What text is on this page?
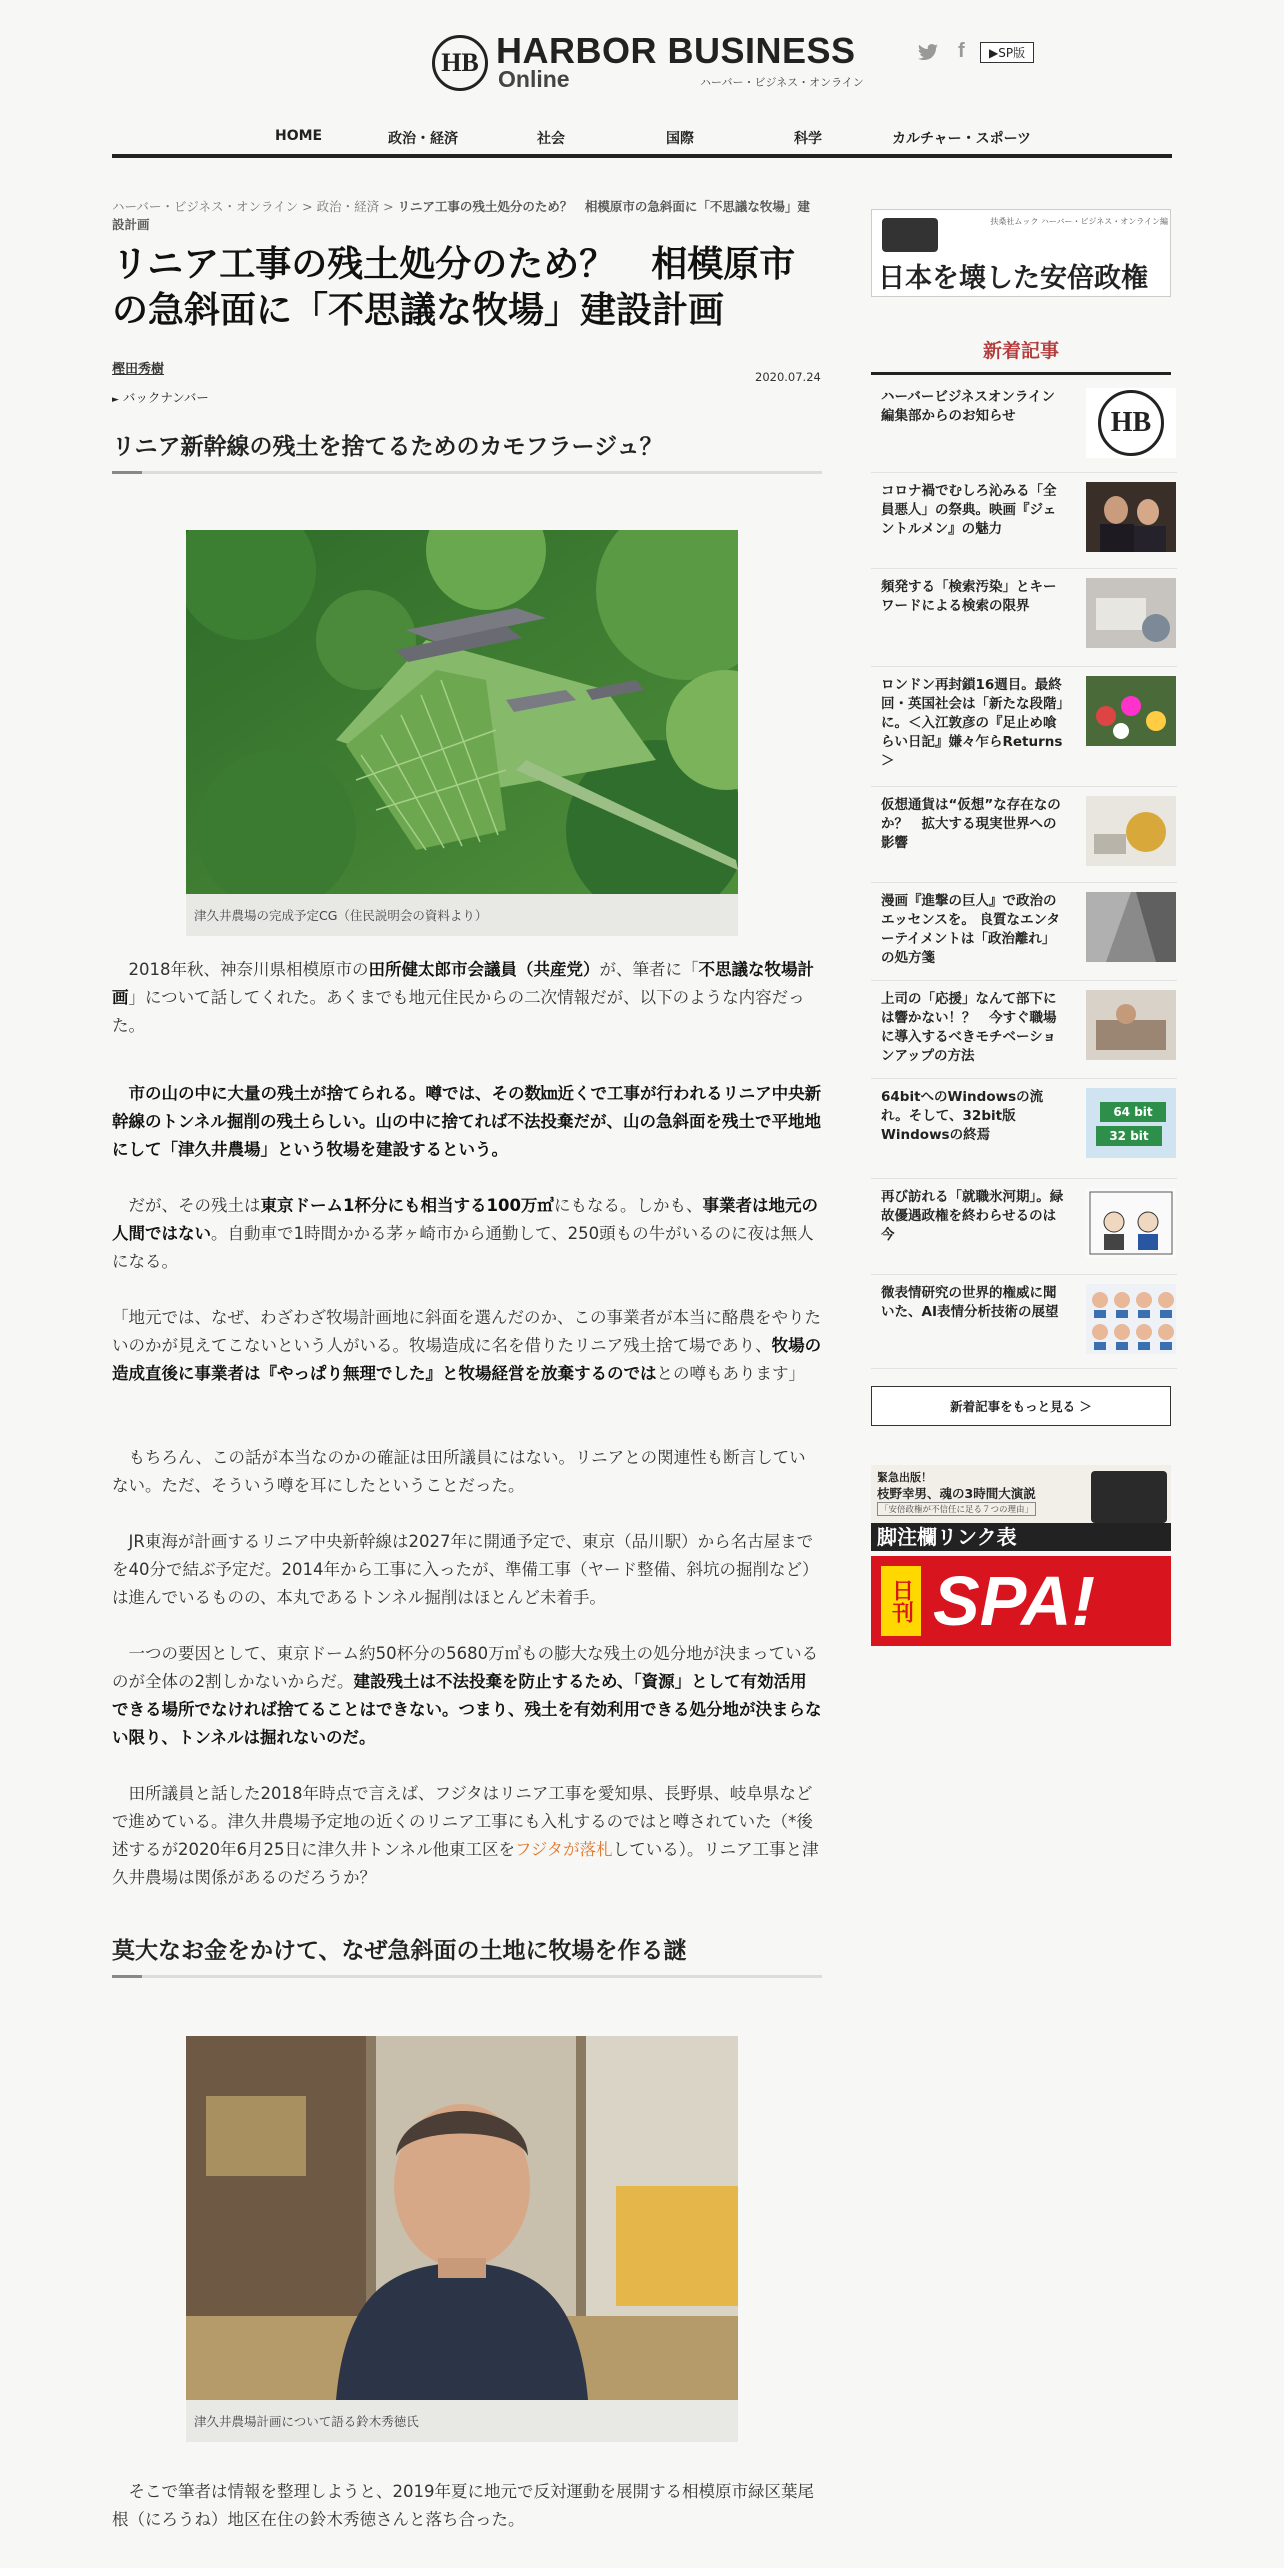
HB HARBOR BUSINESS
Online	ハーバー・ビジネス・オンライン
f	▶SP版
HOME	政治・経済	社会	国際	科学	カルチャー・スポーツ
ハーバー・ビジネス・オンライン > 政治・経済 > リニア工事の残土処分のため？　相模原市の急斜面に「不思議な牧場」建設計画
リニア工事の残土処分のため？　相模原市の急斜面に「不思議な牧場」建設計画
樫田秀樹	2020.07.24
► バックナンバー
リニア新幹線の残土を捨てるためのカモフラージュ？
津久井農場の完成予定CG（住民説明会の資料より）

2018年秋、神奈川県相模原市の田所健太郎市会議員（共産党）が、筆者に「不思議な牧場計画」について話してくれた。あくまでも地元住民からの二次情報だが、以下のような内容だった。

市の山の中に大量の残土が捨てられる。噂では、その数㎞近くで工事が行われるリニア中央新幹線のトンネル掘削の残土らしい。山の中に捨てれば不法投棄だが、山の急斜面を残土で平地地にして「津久井農場」という牧場を建設するという。

だが、その残土は東京ドーム1杯分にも相当する100万㎥にもなる。しかも、事業者は地元の人間ではない。自動車で1時間かかる茅ヶ崎市から通勤して、250頭もの牛がいるのに夜は無人になる。

「地元では、なぜ、わざわざ牧場計画地に斜面を選んだのか、この事業者が本当に酪農をやりたいのかが見えてこないという人がいる。牧場造成に名を借りたリニア残土捨て場であり、牧場の造成直後に事業者は『やっぱり無理でした』と牧場経営を放棄するのではとの噂もあります」

もちろん、この話が本当なのかの確証は田所議員にはない。リニアとの関連性も断言していない。ただ、そういう噂を耳にしたということだった。

JR東海が計画するリニア中央新幹線は2027年に開通予定で、東京（品川駅）から名古屋までを40分で結ぶ予定だ。2014年から工事に入ったが、準備工事（ヤード整備、斜坑の掘削など）は進んでいるものの、本丸であるトンネル掘削はほとんど未着手。

一つの要因として、東京ドーム約50杯分の5680万㎥もの膨大な残土の処分地が決まっているのが全体の2割しかないからだ。建設残土は不法投棄を防止するため、「資源」として有効活用できる場所でなければ捨てることはできない。つまり、残土を有効利用できる処分地が決まらない限り、トンネルは掘れないのだ。

田所議員と話した2018年時点で言えば、フジタはリニア工事を愛知県、長野県、岐阜県などで進めている。津久井農場予定地の近くのリニア工事にも入札するのではと噂されていた（*後述するが2020年6月25日に津久井トンネル他東工区をフジタが落札している）。リニア工事と津久井農場は関係があるのだろうか？

莫大なお金をかけて、なぜ急斜面の土地に牧場を作る謎
津久井農場計画について語る鈴木秀徳氏

そこで筆者は情報を整理しようと、2019年夏に地元で反対運動を展開する相模原市緑区葉尾根（にろうね）地区在住の鈴木秀徳さんと落ち合った。

扶桑社ムック ハーバー・ビジネス・オンライン編
日本を壊した安倍政権
新着記事
ハーバービジネスオンライン編集部からのお知らせ	HB
コロナ禍でむしろ沁みる「全員悪人」の祭典。映画『ジェントルメン』の魅力
頻発する「検索汚染」とキーワードによる検索の限界
ロンドン再封鎖16週目。最終回・英国社会は「新たな段階」に。＜入江敦彦の『足止め喰らい日記』嫌々乍らReturns＞
仮想通貨は“仮想”な存在なのか？　拡大する現実世界への影響
漫画『進撃の巨人』で政治のエッセンスを。 良質なエンターテイメントは「政治離れ」の処方箋
上司の「応援」なんて部下には響かない！？　今すぐ職場に導入するべきモチベーションアップの方法
64bitへのWindowsの流れ。そして、32bit版Windowsの終焉
64 bit
32 bit
再び訪れる「就職氷河期」。緑故優遇政権を終わらせるのは今
微表情研究の世界的権威に聞いた、AI表情分析技術の展望
新着記事をもっと見る ＞
緊急出版！
枝野幸男、魂の3時間大演説
「安倍政権が不信任に足る７つの理由」
脚注欄リンク表
日刊 SPA!
